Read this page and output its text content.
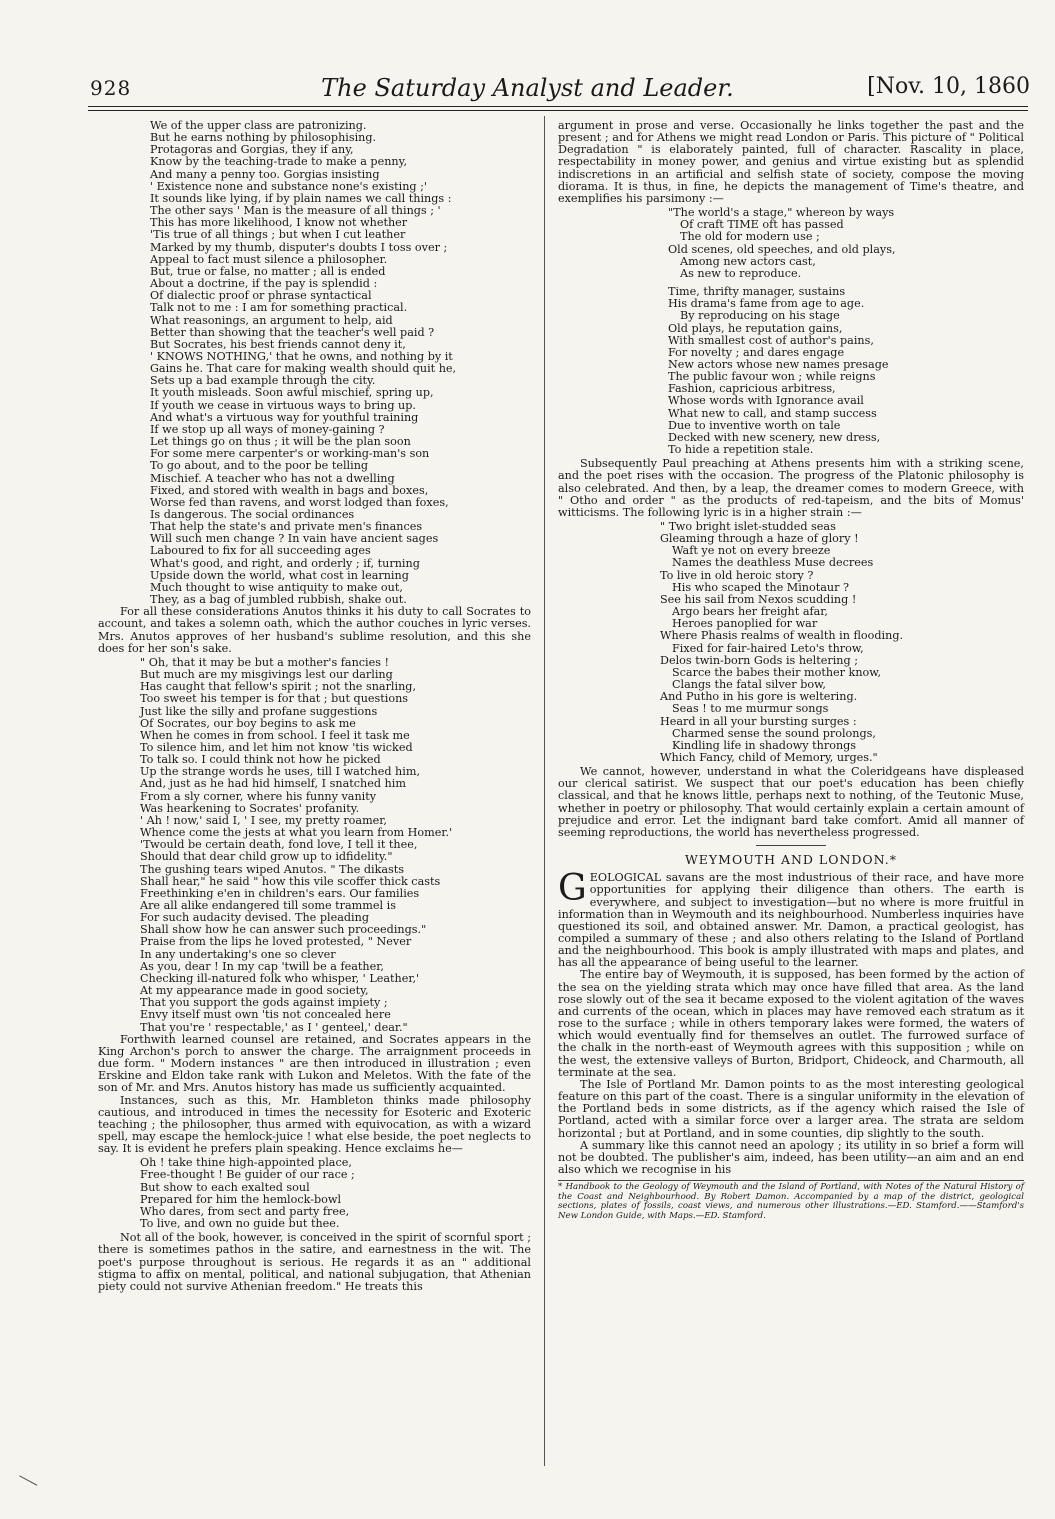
928	The Saturday Analyst and Leader.	[Nov. 10, 1860
We of the upper class are patronizing.
But he earns nothing by philosophising.
Protagoras and Gorgias, they if any,
Know by the teaching-trade to make a penny,
And many a penny too. Gorgias insisting
' Existence none and substance none's existing ;'
It sounds like lying, if by plain names we call things :
The other says ' Man is the measure of all things ; '
This has more likelihood, I know not whether
'Tis true of all things ; but when I cut leather
Marked by my thumb, disputer's doubts I toss over ;
Appeal to fact must silence a philosopher.
But, true or false, no matter ; all is ended
About a doctrine, if the pay is splendid :
Of dialectic proof or phrase syntactical
Talk not to me : I am for something practical.
What reasonings, an argument to help, aid
Better than showing that the teacher's well paid ?
But Socrates, his best friends cannot deny it,
' KNOWS NOTHING,' that he owns, and nothing by it
Gains he. That care for making wealth should quit he,
Sets up a bad example through the city.
It youth misleads. Soon awful mischief, spring up,
If youth we cease in virtuous ways to bring up.
And what's a virtuous way for youthful training
If we stop up all ways of money-gaining ?
Let things go on thus ; it will be the plan soon
For some mere carpenter's or working-man's son
To go about, and to the poor be telling
Mischief. A teacher who has not a dwelling
Fixed, and stored with wealth in bags and boxes,
Worse fed than ravens, and worst lodged than foxes,
Is dangerous. The social ordinances
That help the state's and private men's finances
Will such men change ? In vain have ancient sages
Laboured to fix for all succeeding ages
What's good, and right, and orderly ; if, turning
Upside down the world, what cost in learning
Much thought to wise antiquity to make out,
They, as a bag of jumbled rubbish, shake out.

For all these considerations Anutos thinks it his duty to call Socrates to account, and takes a solemn oath, which the author couches in lyric verses. Mrs. Anutos approves of her husband's sublime resolution, and this she does for her son's sake.

" Oh, that it may be but a mother's fancies !
But much are my misgivings lest our darling
Has caught that fellow's spirit ; not the snarling,
Too sweet his temper is for that ; but questions
Just like the silly and profane suggestions
Of Socrates, our boy begins to ask me
When he comes in from school. I feel it task me
To silence him, and let him not know 'tis wicked
To talk so. I could think not how he picked
Up the strange words he uses, till I watched him,
And, just as he had hid himself, I snatched him
From a sly corner, where his funny vanity
Was hearkening to Socrates' profanity.
' Ah ! now,' said I, ' I see, my pretty roamer,
Whence come the jests at what you learn from Homer.'
'Twould be certain death, fond love, I tell it thee,
Should that dear child grow up to idfidelity."
The gushing tears wiped Anutos. " The dikasts
Shall hear," he said " how this vile scoffer thick casts
Freethinking e'en in children's ears. Our families
Are all alike endangered till some trammel is
For such audacity devised. The pleading
Shall show how he can answer such proceedings."
Praise from the lips he loved protested, " Never
In any undertaking's one so clever
As you, dear ! In my cap 'twill be a feather,
Checking ill-natured folk who whisper, ' Leather,'
At my appearance made in good society,
That you support the gods against impiety ;
Envy itself must own 'tis not concealed here
That you're ' respectable,' as I ' genteel,' dear."

Forthwith learned counsel are retained, and Socrates appears in the King Archon's porch to answer the charge. The arraignment proceeds in due form. " Modern instances " are then introduced in illustration ; even Erskine and Eldon take rank with Lukon and Meletos. With the fate of the son of Mr. and Mrs. Anutos history has made us sufficiently acquainted.

Instances, such as this, Mr. Hambleton thinks made philosophy cautious, and introduced in times the necessity for Esoteric and Exoteric teaching ; the philosopher, thus armed with equivocation, as with a wizard spell, may escape the hemlock-juice ! what else beside, the poet neglects to say. It is evident he prefers plain speaking. Hence exclaims he—

Oh ! take thine high-appointed place,
Free-thought ! Be guider of our race ;
But show to each exalted soul
Prepared for him the hemlock-bowl
Who dares, from sect and party free,
To live, and own no guide but thee.

Not all of the book, however, is conceived in the spirit of scornful sport ; there is sometimes pathos in the satire, and earnestness in the wit. The poet's purpose throughout is serious. He regards it as an " additional stigma to affix on mental, political, and national subjugation, that Athenian piety could not survive Athenian freedom." He treats this

argument in prose and verse. Occasionally he links together the past and the present ; and for Athens we might read London or Paris. This picture of " Political Degradation " is elaborately painted, full of character. Rascality in place, respectability in money power, and genius and virtue existing but as splendid indiscretions in an artificial and selfish state of society, compose the moving diorama. It is thus, in fine, he depicts the management of Time's theatre, and exemplifies his parsimony :—

"The world's a stage," whereon by ways
Of craft TIME oft has passed
The old for modern use ;
Old scenes, old speeches, and old plays,
Among new actors cast,
As new to reproduce.
Time, thrifty manager, sustains
His drama's fame from age to age.
By reproducing on his stage
Old plays, he reputation gains,
With smallest cost of author's pains,
For novelty ; and dares engage
New actors whose new names presage
The public favour won ; while reigns
Fashion, capricious arbitress,
Whose words with Ignorance avail
What new to call, and stamp success
Due to inventive worth on tale
Decked with new scenery, new dress,
To hide a repetition stale.

Subsequently Paul preaching at Athens presents him with a striking scene, and the poet rises with the occasion. The progress of the Platonic philosophy is also celebrated. And then, by a leap, the dreamer comes to modern Greece, with " Otho and order " as the products of red-tapeism, and the bits of Momus' witticisms. The following lyric is in a higher strain :—

" Two bright islet-studded seas
Gleaming through a haze of glory !
Waft ye not on every breeze
Names the deathless Muse decrees
To live in old heroic story ?
His who scaped the Minotaur ?
See his sail from Nexos scudding !
Argo bears her freight afar,
Heroes panoplied for war
Where Phasis realms of wealth in flooding.
Fixed for fair-haired Leto's throw,
Delos twin-born Gods is heltering ;
Scarce the babes their mother know,
Clangs the fatal silver bow,
And Putho in his gore is weltering.
Seas ! to me murmur songs
Heard in all your bursting surges :
Charmed sense the sound prolongs,
Kindling life in shadowy throngs
Which Fancy, child of Memory, urges."

We cannot, however, understand in what the Coleridgeans have displeased our clerical satirist. We suspect that our poet's education has been chiefly classical, and that he knows little, perhaps next to nothing, of the Teutonic Muse, whether in poetry or philosophy. That would certainly explain a certain amount of prejudice and error. Let the indignant bard take comfort. Amid all manner of seeming reproductions, the world has nevertheless progressed.

WEYMOUTH AND LONDON.*

GEOLOGICAL savans are the most industrious of their race, and have more opportunities for applying their diligence than others. The earth is everywhere, and subject to investigation—but no where is more fruitful in information than in Weymouth and its neighbourhood. Numberless inquiries have questioned its soil, and obtained answer. Mr. Damon, a practical geologist, has compiled a summary of these ; and also others relating to the Island of Portland and the neighbourhood. This book is amply illustrated with maps and plates, and has all the appearance of being useful to the learner.

The entire bay of Weymouth, it is supposed, has been formed by the action of the sea on the yielding strata which may once have filled that area. As the land rose slowly out of the sea it became exposed to the violent agitation of the waves and currents of the ocean, which in places may have removed each stratum as it rose to the surface ; while in others temporary lakes were formed, the waters of which would eventually find for themselves an outlet. The furrowed surface of the chalk in the north-east of Weymouth agrees with this supposition ; while on the west, the extensive valleys of Burton, Bridport, Chideock, and Charmouth, all terminate at the sea.

The Isle of Portland Mr. Damon points to as the most interesting geological feature on this part of the coast. There is a singular uniformity in the elevation of the Portland beds in some districts, as if the agency which raised the Isle of Portland, acted with a similar force over a larger area. The strata are seldom horizontal ; but at Portland, and in some counties, dip slightly to the south.

A summary like this cannot need an apology ; its utility in so brief a form will not be doubted. The publisher's aim, indeed, has been utility—an aim and an end also which we recognise in his

* Handbook to the Geology of Weymouth and the Island of Portland, with Notes of the Natural History of the Coast and Neighbourhood. By Robert Damon. Accompanied by a map of the district, geological sections, plates of fossils, coast views, and numerous other illustrations.—ED. Stamford.——Stamford's New London Guide, with Maps.—ED. Stamford.
